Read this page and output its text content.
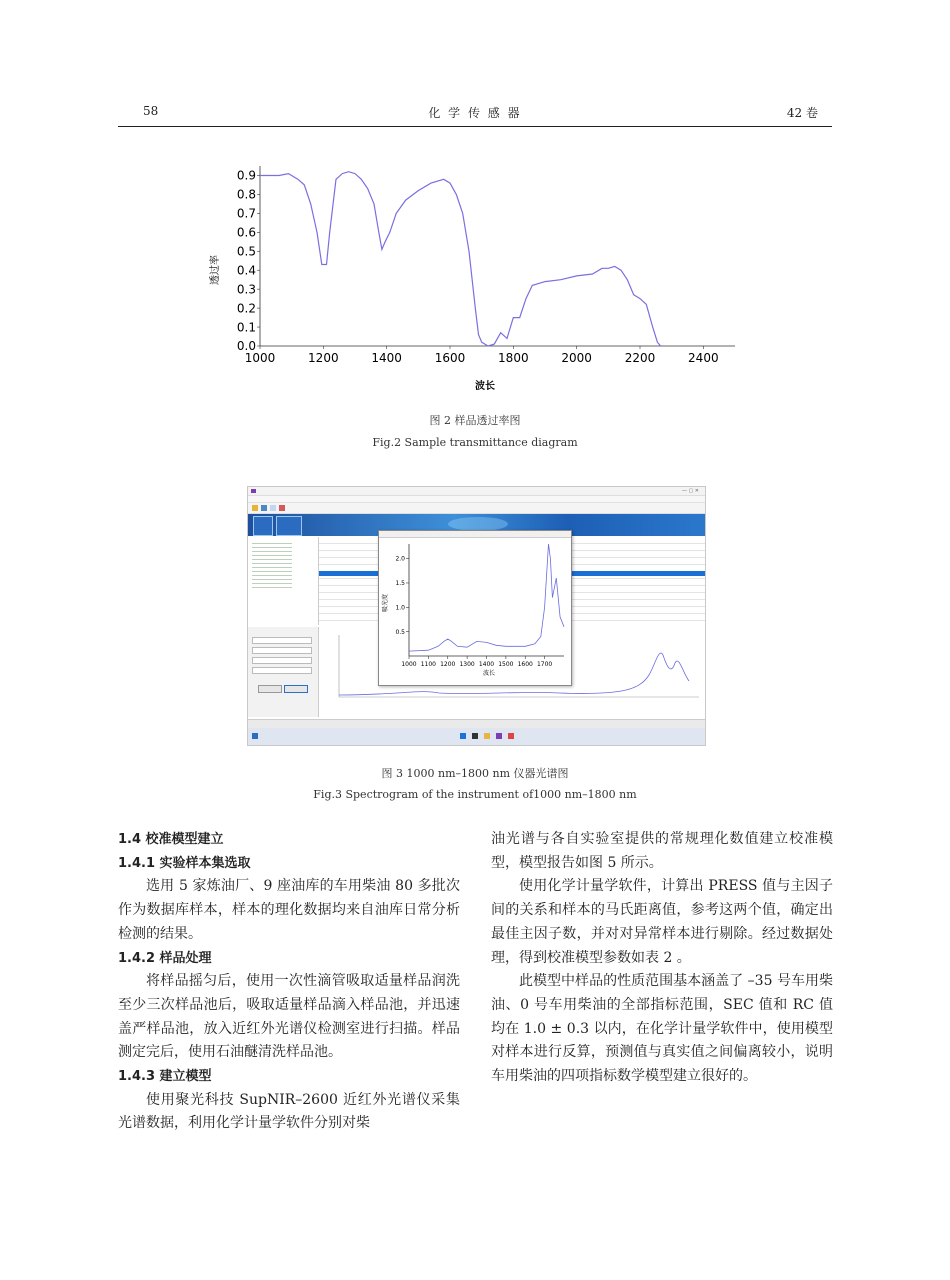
58	化 学 传 感 器	42 卷
1000	1200	1400	1600	1800	2000	2200	2400
0.0
0.1
0.2
0.3
0.4
0.5
0.6
0.7
0.8
0.9
波长
透过率
图 2 样品透过率图
Fig.2 Sample transmittance diagram
— ▢ ✕
1000 1100 1200 1300 1400 1500 1600 1700
0.5
1.0
1.5
2.0
波长
吸光度
图 3 1000 nm–1800 nm 仪器光谱图
Fig.3 Spectrogram of the instrument of1000 nm–1800 nm
1.4 校准模型建立
1.4.1 实验样本集选取

选用 5 家炼油厂、9 座油库的车用柴油 80 多批次作为数据库样本，样本的理化数据均来自油库日常分析检测的结果。

1.4.2 样品处理

将样品摇匀后，使用一次性滴管吸取适量样品润洗至少三次样品池后，吸取适量样品滴入样品池，并迅速盖严样品池，放入近红外光谱仪检测室进行扫描。样品测定完后，使用石油醚清洗样品池。

1.4.3 建立模型

使用聚光科技 SupNIR–2600 近红外光谱仪采集光谱数据，利用化学计量学软件分别对柴

油光谱与各自实验室提供的常规理化数值建立校准模型，模型报告如图 5 所示。

使用化学计量学软件，计算出 PRESS 值与主因子间的关系和样本的马氏距离值，参考这两个值，确定出最佳主因子数，并对对异常样本进行剔除。经过数据处理，得到校准模型参数如表 2 。

此模型中样品的性质范围基本涵盖了 –35 号车用柴油、0 号车用柴油的全部指标范围，SEC 值和 RC 值均在 1.0 ± 0.3 以内，在化学计量学软件中，使用模型对样本进行反算，预测值与真实值之间偏离较小，说明车用柴油的四项指标数学模型建立很好的。
